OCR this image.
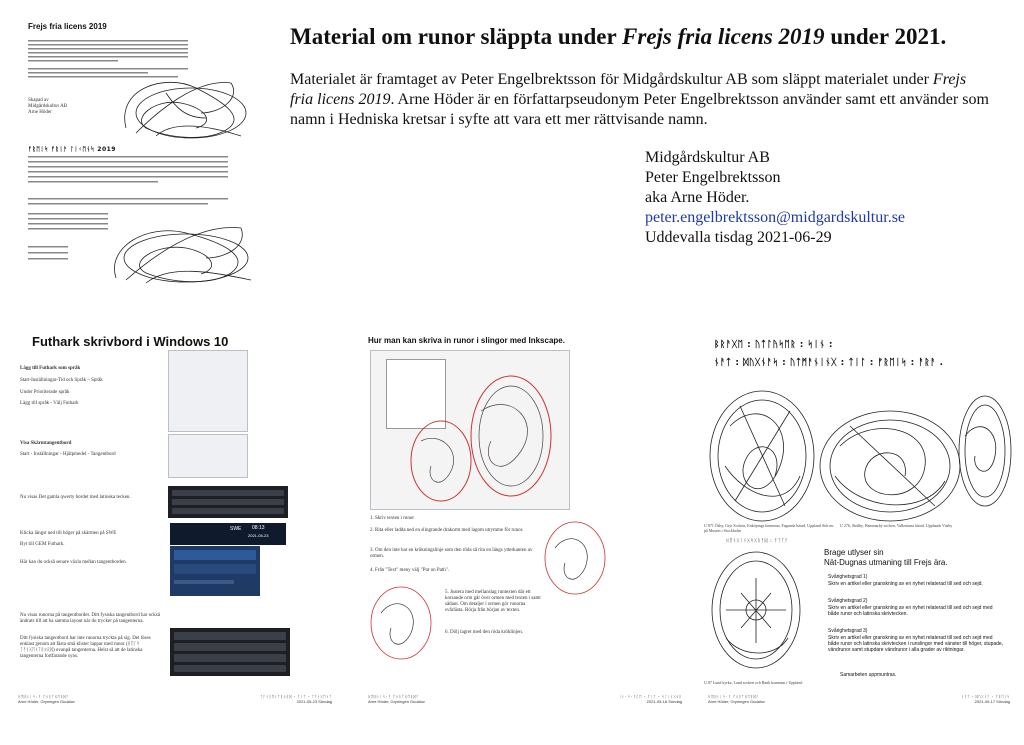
Frejs fria licens 2019
Skapad av
Midgårdskultur AB
Arne Höder
ᚠᚱᛖᛁᛋ ᚠᚱᛁᚨ ᛚᛁᚲᛖᚾᛋ 2019
Material om runor släppta under Frejs fria licens 2019 under 2021.
Materialet är framtaget av Peter Engelbrektsson för Midgårdskultur AB som släppt materialet under Frejs fria licens 2019. Arne Höder är en författarpseudonym Peter Engelbrektsson använder samt ett använder som namn i Hedniska kretsar i syfte att vara ett mer rättvisande namn.
Midgårdskultur AB
Peter Engelbrektsson
aka Arne Höder.
peter.engelbrektsson@midgardskultur.se
Uddevalla tisdag 2021-06-29
Futhark skrivbord i Windows 10
Lägg till Futhark som språk
Start-Inställningar-Tid och Språk – Språk
Under Prioriterade språk
Lägg till språk - Välj Futhark
Visa Skärmtangentbord
Start - Inställningar - Hjälpmedel - Tangentbord
Nu visas Det gamla qwerty bordet med latinska tecken.
Klicka längst ned till höger på skärmen på SWE
Byt till GEM Futhark.
SWE 08:13
2021-05-23
Här kan du också senare växla mellan tangentborden.
Nu visas runorna på tangentbordet. Ditt fysiska tangentbord har också ändrats till att ha samma layout när du trycker på tangenterna.
Ditt fysiska tangentbord har inte runorna tryckta på sig. Det löses enklast genom att fästa små klister lappar med runor (ᚺᛖᛚᛋ ᛏᚨᚾᚷᛖᚾᛏᛒᛟᚱᛞ) ovanpå tangenterna. Helst så att de latinska tangenterna fortfarande syns.
ᚺᛖᛞᚾᛁᛋᚲᚨ ᚠᛟᚱᛏᚺᛖᚱᛞᚨ
Arne Höder, Gryningen Gudalov
ᛏᚨᚾᚷᛖᚾᛏᛒᛟᚱᛞ - ᚠᛁᛏ - ᛏᚨᚾᚷᛖᚾᛏ
2021-05-23 Söndag
Hur man kan skriva in runor i slingor med Inkscape.
1. Skriv texten i runor
2. Rita eller ladda ned en slingrande drakorm med lagom utrymme för runor.
3. Om den inte har en krökningslinje som den röda så rita en längs ytterkanten av ormen.
4. Från "Text" meny välj "Put on Path".
5. Justera med mellanslag runtexten där ett korsande orm går över ormen med texten i samt sådant. Om detaljer i ormen gör runorna svårlästa. Börja från början av texten.
6. Dölj lagret med den röda kröklinjen.
ᚺᛖᛞᚾᛁᛋᚲᚨ ᚠᛟᚱᛏᚺᛖᚱᛞᚨ
Arne Höder, Gryningen Gudalov
ᛁᚾᚲᛋᚲᚨᛈᛖ - ᚠᛁᛏ - ᛋᛚᛁᚾᚷᛟᚱ
2021-05-16 Söndag
ᛒᚱᚨᚷᛖ : ᚢᛏᛚᚤᛋᛖᚱ : ᛋᛁᚾ :
ᚾᚨᛏ : ᛞᚢᚷᚾᚨᛋ : ᚢᛏᛗᚨᚾᛁᚾᚷ : ᛏᛁᛚ : ᚠᚱᛖᛁᛋ : ᚨᚱᚨ .
U 871 Ösby, Gryt Socken, Enköpings kommun, Fagunda härad, Uppland Står nu på Museet i Stockholm
U 276, Skälby, Hammarby socken, Vallentuna härad, Upplands Väsby
ᚺᛖᚾᚷᛁᚾᚷᛋᚷᚱᚨᛞ : ᚨᛏᛏᚨ
Brage utlyser sin
Nät-Dugnas utmaning till Frejs ära.
Svårighetsgrad 1)
Skriv en artikel eller granskning av en nyhet relaterad till sed och sejd.
Svårighetsgrad 2)
Skriv en artikel eller granskning av en nyhet relaterad till sed och sejd med både runor och latinska skrivtecken.
Svårighetsgrad 3)
Skriv en artikel eller granskning av en nyhet relaterad till sed och sejd med både runor och latinska skrivtecken i runslingor med vänster till höger, stupade, vändrunor samt stupdare vändrunor i alla grader av riktningar.
Samarbeten uppmuntras.
U 87 Lund kyrka, Lund socken och Bank kommun i Uppland
ᚺᛖᛞᚾᛁᛋᚲᚨ ᚠᛟᚱᛏᚺᛖᚱᛞᚨ
Arne Höder, Gryningen Gudalov
ᚾᚨᛏ - ᛞᚢᚷᚾᚨ - ᚠᚱᛖᛁᛋ
2021-09-17 Söndag
